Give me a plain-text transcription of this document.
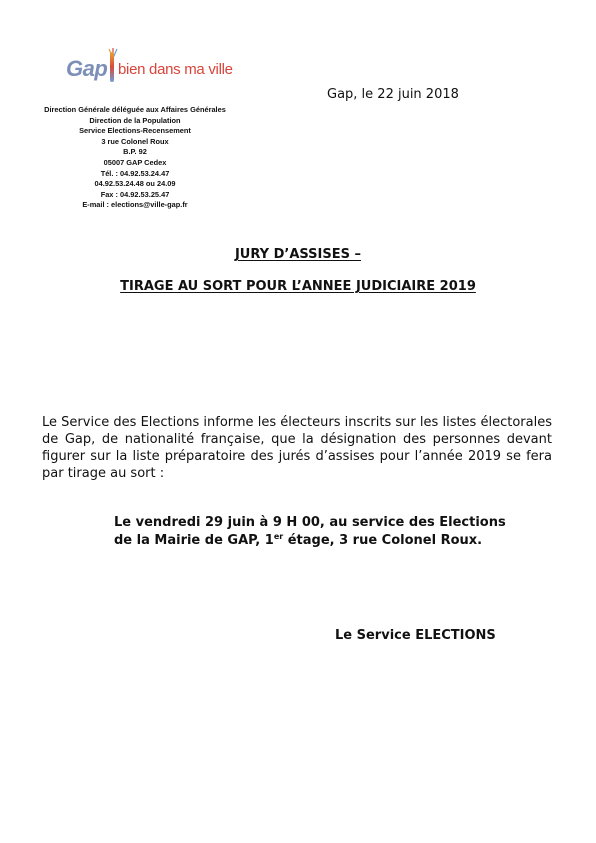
Gap bien dans ma ville
Direction Générale déléguée aux Affaires Générales
Direction de la Population
Service Elections-Recensement
3 rue Colonel Roux
B.P. 92
05007 GAP Cedex
Tél. : 04.92.53.24.47
04.92.53.24.48 ou 24.09
Fax : 04.92.53.25.47
E-mail : elections@ville-gap.fr
Gap, le 22 juin 2018
JURY D’ASSISES –
TIRAGE AU SORT POUR L’ANNEE JUDICIAIRE 2019
Le Service des Elections informe les électeurs inscrits sur les listes électorales de Gap, de nationalité française, que la désignation des personnes devant figurer sur la liste préparatoire des jurés d’assises pour l’année 2019 se fera par tirage au sort :
Le vendredi 29 juin à 9 H 00, au service des Elections
de la Mairie de GAP, 1er étage, 3 rue Colonel Roux.
Le Service ELECTIONS
